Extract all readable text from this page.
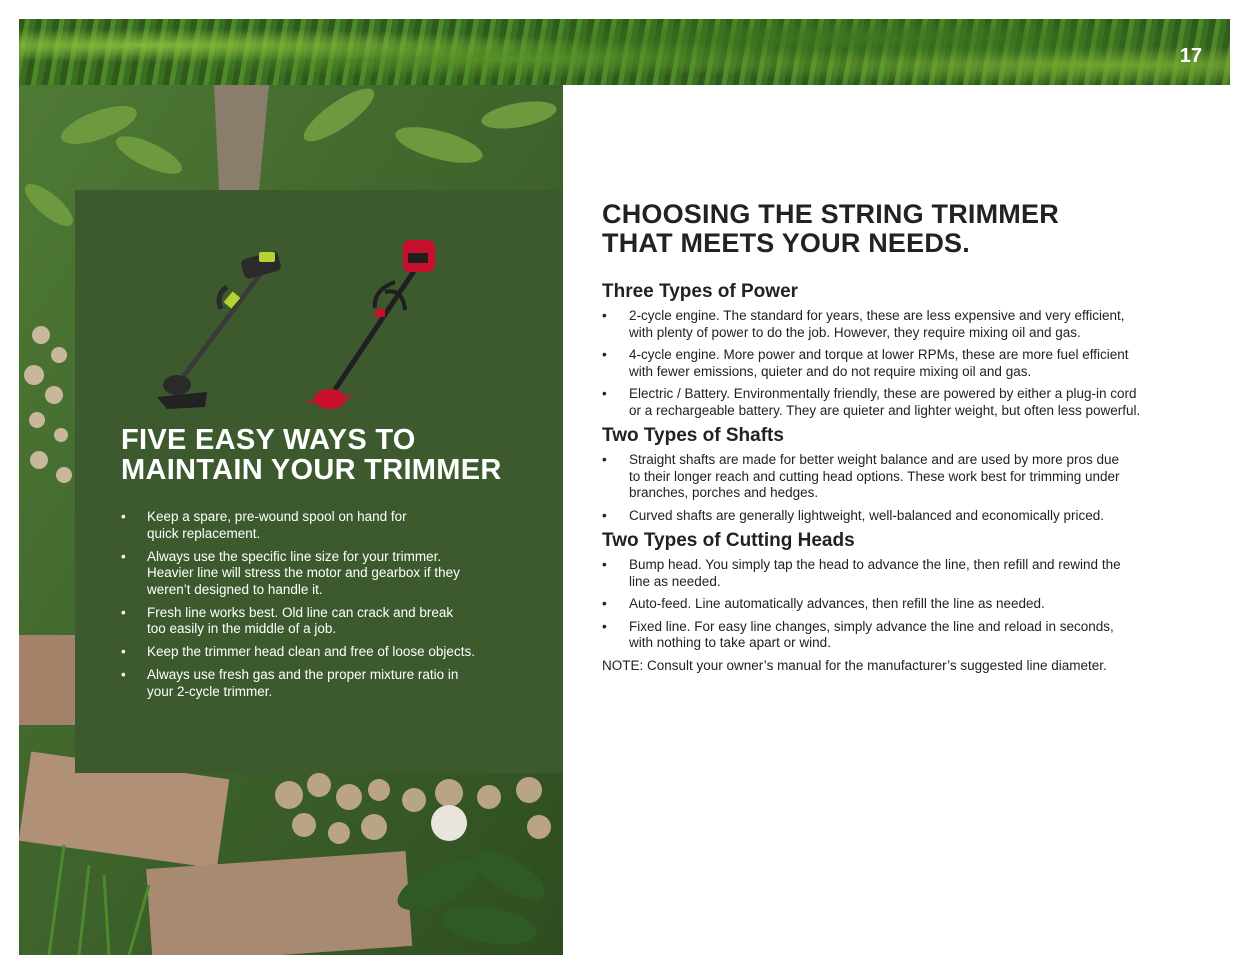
17
FIVE EASY WAYS TO
MAINTAIN YOUR TRIMMER
• Keep a spare, pre-wound spool on hand for
quick replacement.
• Always use the specific line size for your trimmer.
Heavier line will stress the motor and gearbox if they
weren’t designed to handle it.
• Fresh line works best. Old line can crack and break
too easily in the middle of a job.
• Keep the trimmer head clean and free of loose objects.
• Always use fresh gas and the proper mixture ratio in
your 2-cycle trimmer.
CHOOSING THE STRING TRIMMER
THAT MEETS YOUR NEEDS.
Three Types of Power
• 2-cycle engine. The standard for years, these are less expensive and very efficient,
with plenty of power to do the job. However, they require mixing oil and gas.
• 4-cycle engine. More power and torque at lower RPMs, these are more fuel efficient
with fewer emissions, quieter and do not require mixing oil and gas.
• Electric / Battery. Environmentally friendly, these are powered by either a plug-in cord
or a rechargeable battery. They are quieter and lighter weight, but often less powerful.
Two Types of Shafts
• Straight shafts are made for better weight balance and are used by more pros due
to their longer reach and cutting head options. These work best for trimming under
branches, porches and hedges.
• Curved shafts are generally lightweight, well-balanced and economically priced.
Two Types of Cutting Heads
• Bump head. You simply tap the head to advance the line, then refill and rewind the
line as needed.
• Auto-feed. Line automatically advances, then refill the line as needed.
• Fixed line. For easy line changes, simply advance the line and reload in seconds,
with nothing to take apart or wind.

NOTE: Consult your owner’s manual for the manufacturer’s suggested line diameter.
